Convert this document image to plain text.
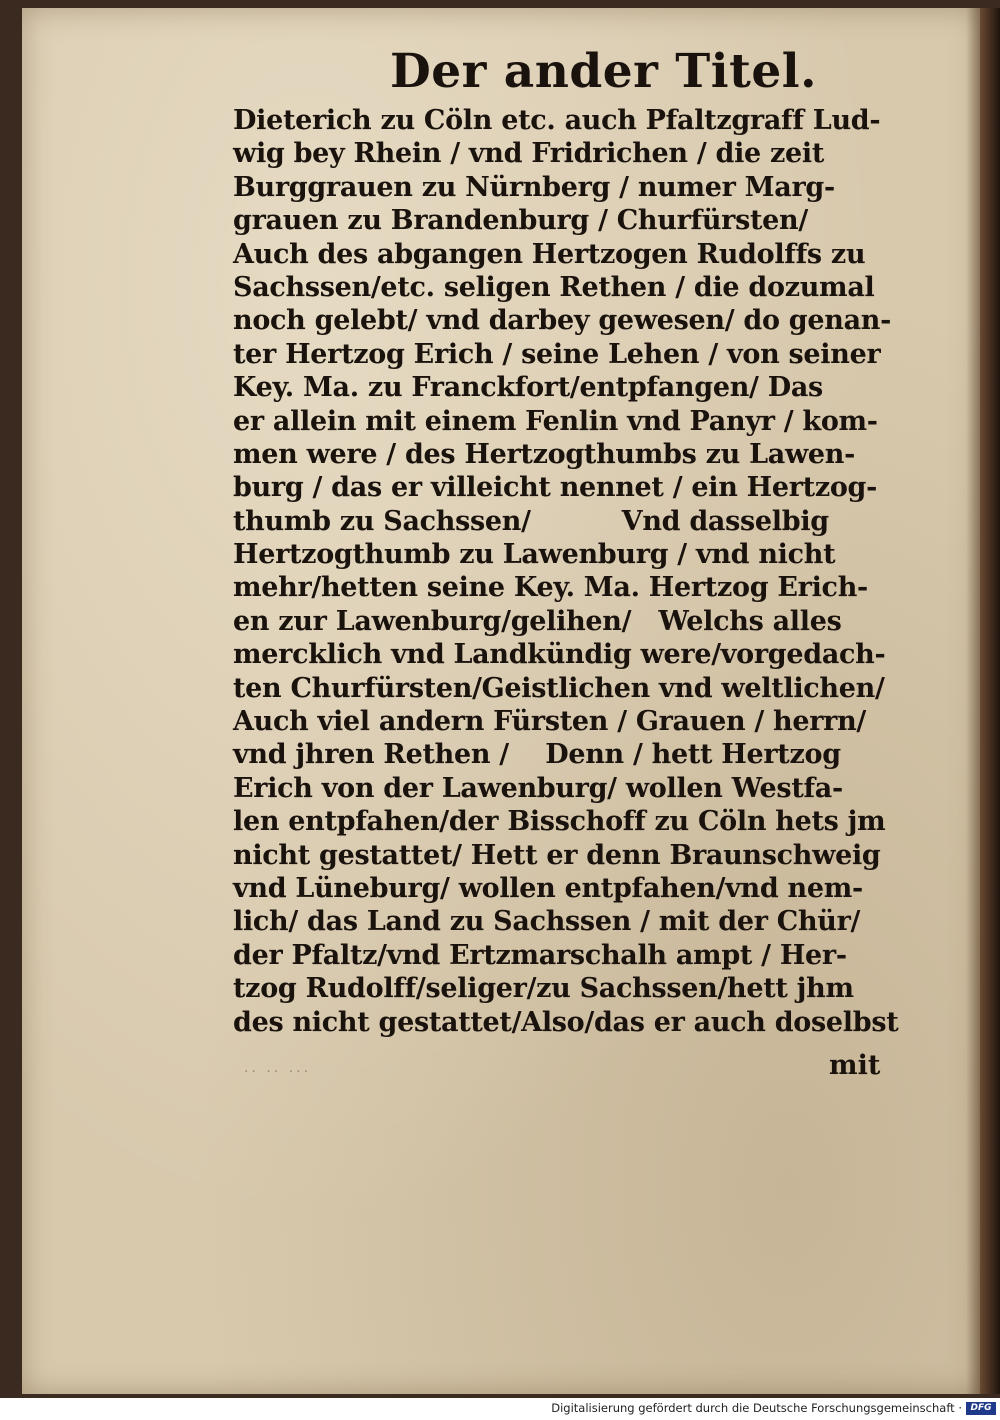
Der ander Titel.
Dieterich zu Cöln etc. auch Pfaltzgraff Lud-
wig bey Rhein / vnd Fridrichen / die zeit
Burggrauen zu Nürnberg / numer Marg-
grauen zu Brandenburg / Churfürsten/
Auch des abgangen Hertzogen Rudolffs zu
Sachssen/etc. seligen Rethen / die dozumal
noch gelebt/ vnd darbey gewesen/ do genan-
ter Hertzog Erich / seine Lehen / von seiner
Key. Ma. zu Franckfort/entpfangen/ Das
er allein mit einem Fenlin vnd Panyr / kom-
men were / des Hertzogthumbs zu Lawen-
burg / das er villeicht nennet / ein Hertzog-
thumb zu Sachssen/          Vnd dasselbig
Hertzogthumb zu Lawenburg / vnd nicht
mehr/hetten seine Key. Ma. Hertzog Erich-
en zur Lawenburg/gelihen/   Welchs alles
mercklich vnd Landkündig were/vorgedach-
ten Churfürsten/Geistlichen vnd weltlichen/
Auch viel andern Fürsten / Grauen / herrn/
vnd jhren Rethen /    Denn / hett Hertzog
Erich von der Lawenburg/ wollen Westfa-
len entpfahen/der Bisschoff zu Cöln hets jm
nicht gestattet/ Hett er denn Braunschweig
vnd Lüneburg/ wollen entpfahen/vnd nem-
lich/ das Land zu Sachssen / mit der Chür/
der Pfaltz/vnd Ertzmarschalh ampt / Her-
tzog Rudolff/seliger/zu Sachssen/hett jhm
des nicht gestattet/Also/das er auch doselbst
·· ·· ···	mit
Digitalisierung gefördert durch die Deutsche Forschungsgemeinschaft · DFG
